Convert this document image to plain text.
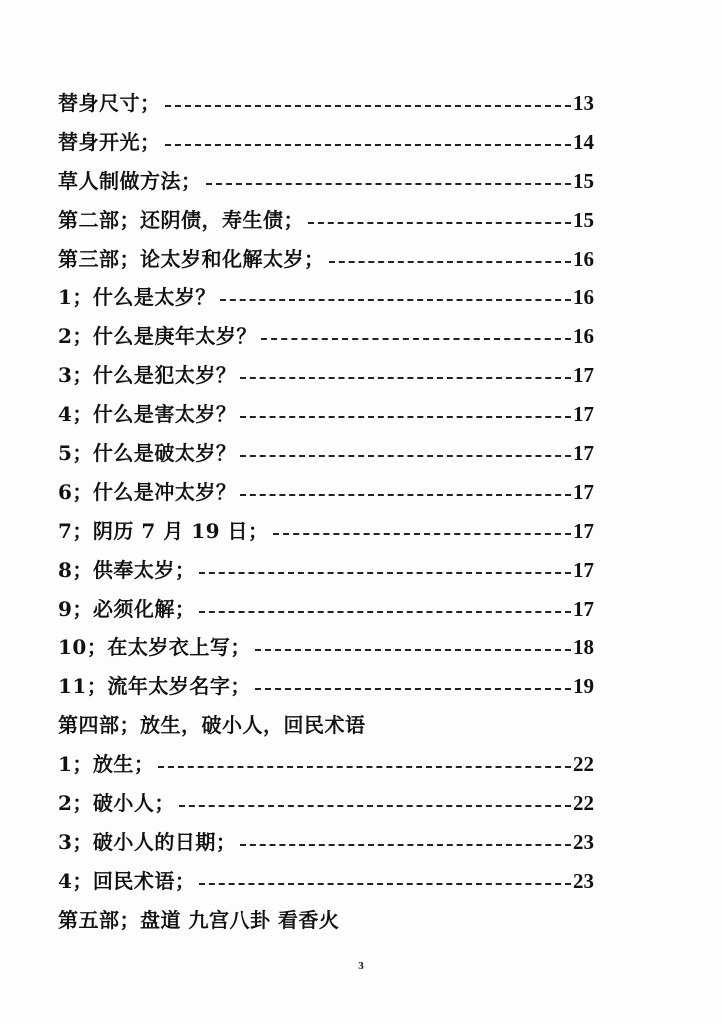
替身尺寸；	13
替身开光；	14
草人制做方法；	15
第二部；还阴债，寿生债；	15
第三部；论太岁和化解太岁；	16
1；什么是太岁？	16
2；什么是庚年太岁？	16
3；什么是犯太岁？	17
4；什么是害太岁？	17
5；什么是破太岁？	17
6；什么是冲太岁？	17
7；阴历 7 月 19 日；	17
8；供奉太岁；	17
9；必须化解；	17
10；在太岁衣上写；	18
11；流年太岁名字；	19
第四部；放生，破小人，回民术语
1；放生；	22
2；破小人；	22
3；破小人的日期；	23
4；回民术语；	23
第五部；盘道 九宫八卦 看香火
3
